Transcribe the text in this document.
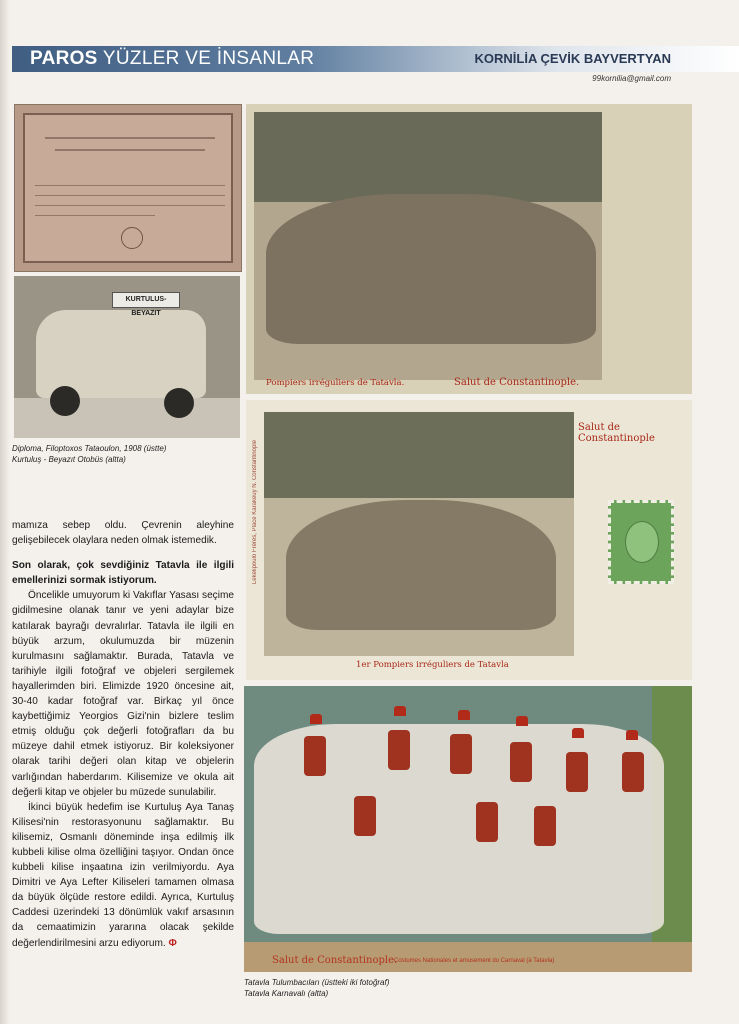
PAROS YÜZLER VE İNSANLAR	KORNİLİA ÇEVİK BAYVERTYAN
99kornilia@gmail.com
KURTULUS-BEYAZIT
Diploma, Filoptoxos Tataoulon, 1908 (üstte)
Kurtuluş - Beyazıt Otobüs (altta)
Pompiers irréguliers de Tatavla.	Salut de Constantinople.
Lekelipoulo Frères, Place Karakeuy N. Constantinople
Salut de Constantinople
1er Pompiers irréguliers de Tatavla
Salut de Constantinople.
Costumes Nationales et amusement du Carnaval (à Tatavla)
Tatavla Tulumbacıları (üstteki iki fotoğraf)
Tatavla Karnavalı (altta)

mamıza sebep oldu. Çevrenin aleyhine gelişebilecek olaylara neden olmak istemedik.

Son olarak, çok sevdiğiniz Tatavla ile ilgili emellerinizi sormak istiyorum.

Öncelikle umuyorum ki Vakıflar Yasası seçime gidilmesine olanak tanır ve yeni adaylar bize katılarak bayrağı devralırlar. Tatavla ile ilgili en büyük arzum, okulumuzda bir müzenin kurulmasını sağlamaktır. Burada, Tatavla ve tarihiyle ilgili fotoğraf ve objeleri sergilemek hayallerimden biri. Elimizde 1920 öncesine ait, 30-40 kadar fotoğraf var. Birkaç yıl önce kaybettiğimiz Yeorgios Gizi'nin bizlere teslim etmiş olduğu çok değerli fotoğrafları da bu müzeye dahil etmek istiyoruz. Bir koleksiyoner olarak tarihi değeri olan kitap ve objelerin varlığından haberdarım. Kilisemize ve okula ait değerli kitap ve objeler bu müzede sunulabilir.

İkinci büyük hedefim ise Kurtuluş Aya Tanaş Kilisesi'nin restorasyonunu sağlamaktır. Bu kilisemiz, Osmanlı döneminde inşa edilmiş ilk kubbeli kilise olma özelliğini taşıyor. Ondan önce kubbeli kilise inşaatına izin verilmiyordu. Aya Dimitri ve Aya Lefter Kiliseleri tamamen olmasa da büyük ölçüde restore edildi. Ayrıca, Kurtuluş Caddesi üzerindeki 13 dönümlük vakıf arsasının da cemaatimizin yararına olacak şekilde değerlendirilmesini arzu ediyorum. Φ
